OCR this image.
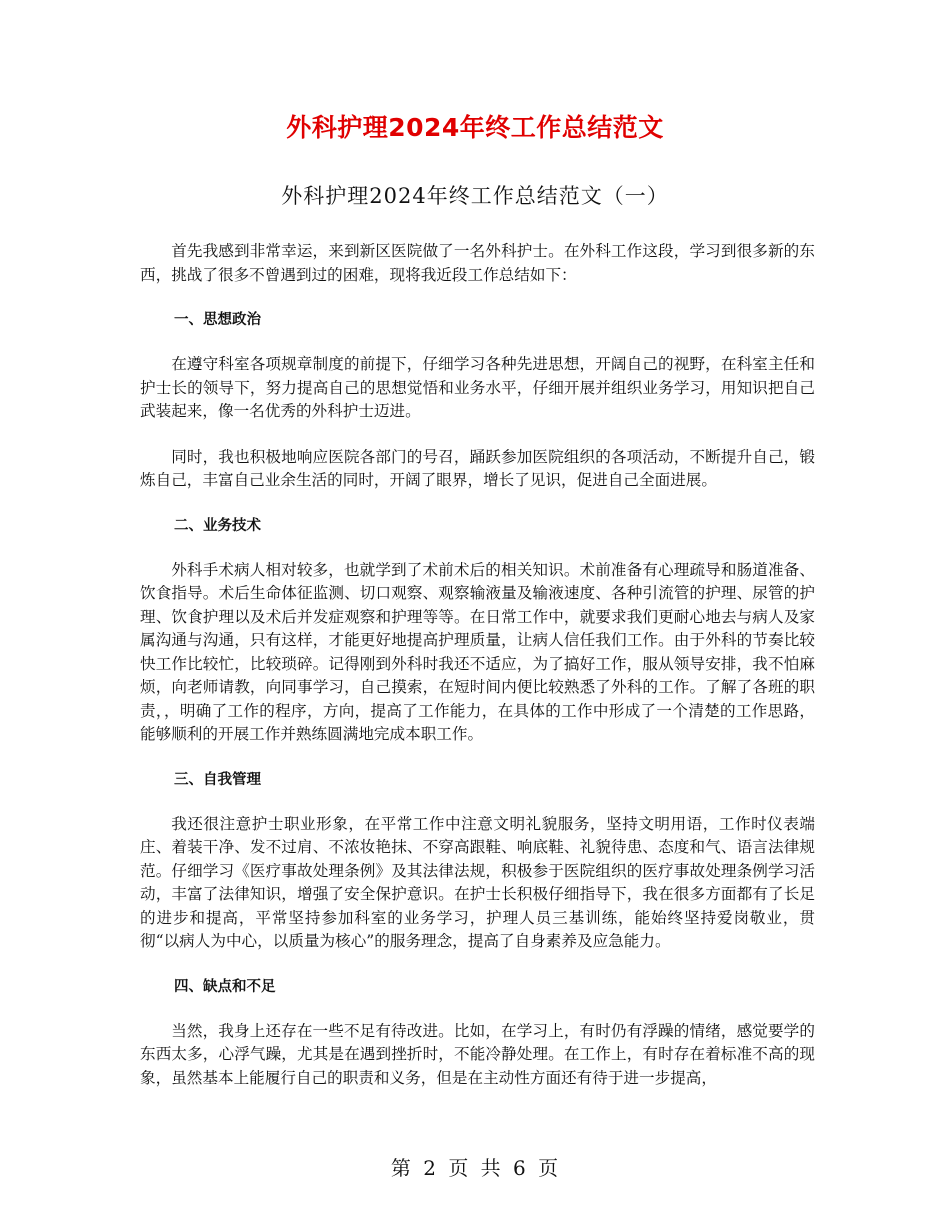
外科护理2024年终工作总结范文
外科护理2024年终工作总结范文（一）

首先我感到非常幸运，来到新区医院做了一名外科护士。在外科工作这段，学习到很多新的东西，挑战了很多不曾遇到过的困难，现将我近段工作总结如下：

一、思想政治

在遵守科室各项规章制度的前提下，仔细学习各种先进思想，开阔自己的视野，在科室主任和护士长的领导下，努力提高自己的思想觉悟和业务水平，仔细开展并组织业务学习，用知识把自己武装起来，像一名优秀的外科护士迈进。

同时，我也积极地响应医院各部门的号召，踊跃参加医院组织的各项活动，不断提升自己，锻炼自己，丰富自己业余生活的同时，开阔了眼界，增长了见识，促进自己全面进展。

二、业务技术

外科手术病人相对较多，也就学到了术前术后的相关知识。术前准备有心理疏导和肠道准备、饮食指导。术后生命体征监测、切口观察、观察输液量及输液速度、各种引流管的护理、尿管的护理、饮食护理以及术后并发症观察和护理等等。在日常工作中，就要求我们更耐心地去与病人及家属沟通与沟通，只有这样，才能更好地提高护理质量，让病人信任我们工作。由于外科的节奏比较快工作比较忙，比较琐碎。记得刚到外科时我还不适应，为了搞好工作，服从领导安排，我不怕麻烦，向老师请教，向同事学习，自己摸索，在短时间内便比较熟悉了外科的工作。了解了各班的职责，，明确了工作的程序，方向，提高了工作能力，在具体的工作中形成了一个清楚的工作思路，能够顺利的开展工作并熟练圆满地完成本职工作。

三、自我管理

我还很注意护士职业形象，在平常工作中注意文明礼貌服务，坚持文明用语，工作时仪表端庄、着装干净、发不过肩、不浓妆艳抹、不穿高跟鞋、响底鞋、礼貌待患、态度和气、语言法律规范。仔细学习《医疗事故处理条例》及其法律法规，积极参于医院组织的医疗事故处理条例学习活动，丰富了法律知识，增强了安全保护意识。在护士长积极仔细指导下，我在很多方面都有了长足的进步和提高，平常坚持参加科室的业务学习，护理人员三基训练，能始终坚持爱岗敬业，贯彻“以病人为中心，以质量为核心”的服务理念，提高了自身素养及应急能力。

四、缺点和不足

当然，我身上还存在一些不足有待改进。比如，在学习上，有时仍有浮躁的情绪，感觉要学的东西太多，心浮气躁，尤其是在遇到挫折时，不能冷静处理。在工作上，有时存在着标准不高的现象，虽然基本上能履行自己的职责和义务，但是在主动性方面还有待于进一步提高，

第 2 页 共 6 页
